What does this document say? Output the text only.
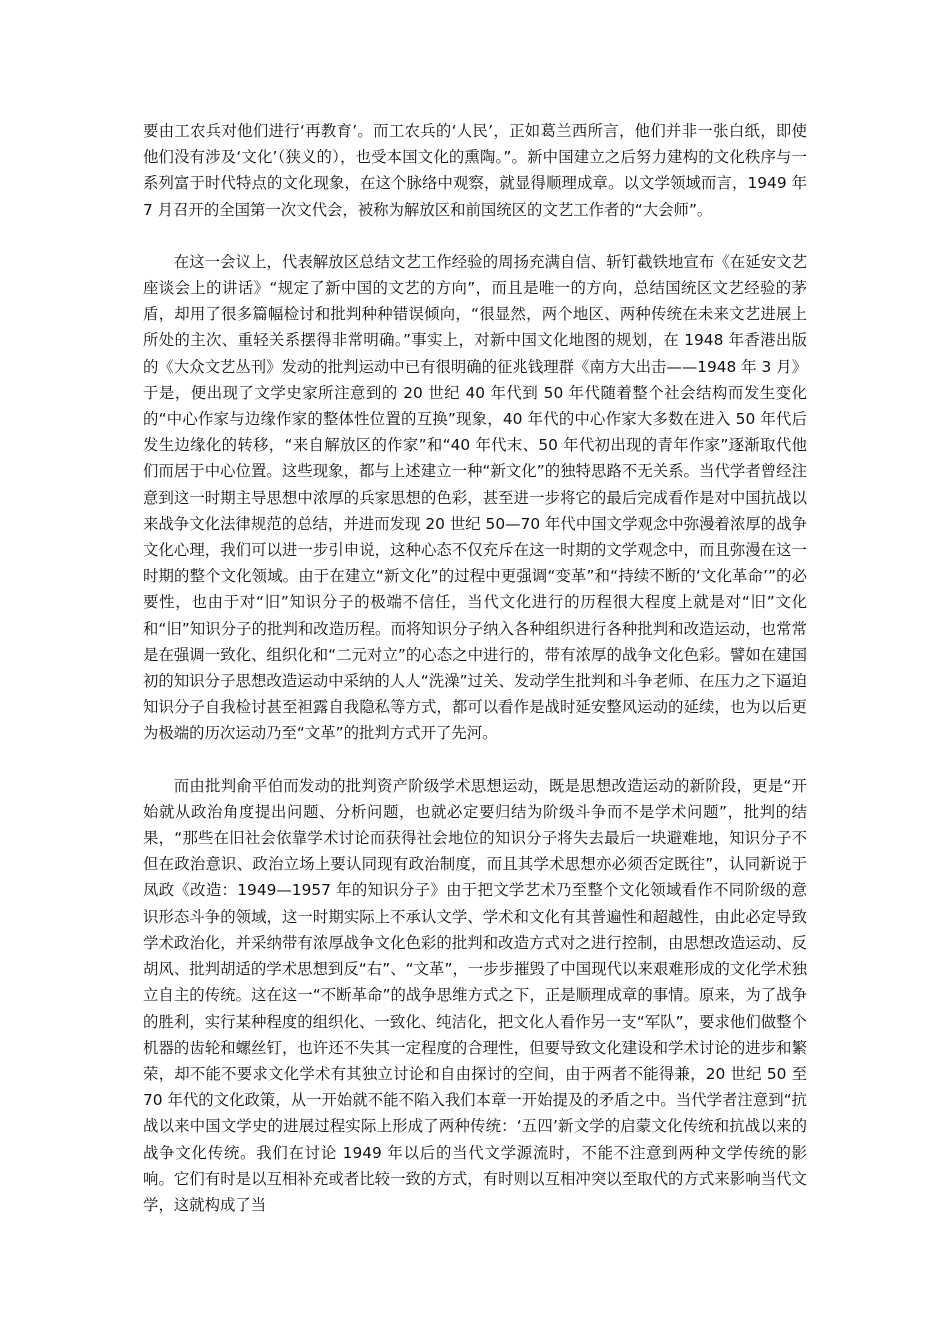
要由工农兵对他们进行‘再教育’。而工农兵的‘人民’，正如葛兰西所言，他们并非一张白纸，即使他们没有涉及‘文化’（狭义的），也受本国文化的熏陶。”。新中国建立之后努力建构的文化秩序与一系列富于时代特点的文化现象，在这个脉络中观察，就显得顺理成章。以文学领域而言，1949 年 7 月召开的全国第一次文代会，被称为解放区和前国统区的文艺工作者的“大会师”。

在这一会议上，代表解放区总结文艺工作经验的周扬充满自信、斩钉截铁地宣布《在延安文艺座谈会上的讲话》“规定了新中国的文艺的方向”，而且是唯一的方向，总结国统区文艺经验的茅盾，却用了很多篇幅检讨和批判种种错误倾向，“很显然，两个地区、两种传统在未来文艺进展上所处的主次、重轻关系摆得非常明确。”事实上，对新中国文化地图的规划，在 1948 年香港出版的《大众文艺丛刊》发动的批判运动中已有很明确的征兆钱理群《南方大出击——1948 年 3 月》于是，便出现了文学史家所注意到的 20 世纪 40 年代到 50 年代随着整个社会结构而发生变化的“中心作家与边缘作家的整体性位置的互换”现象，40 年代的中心作家大多数在进入 50 年代后发生边缘化的转移，“来自解放区的作家”和“40 年代末、50 年代初出现的青年作家”逐渐取代他们而居于中心位置。这些现象，都与上述建立一种“新文化”的独特思路不无关系。当代学者曾经注意到这一时期主导思想中浓厚的兵家思想的色彩，甚至进一步将它的最后完成看作是对中国抗战以来战争文化法律规范的总结，并进而发现 20 世纪 50—70 年代中国文学观念中弥漫着浓厚的战争文化心理，我们可以进一步引申说，这种心态不仅充斥在这一时期的文学观念中，而且弥漫在这一时期的整个文化领域。由于在建立“新文化”的过程中更强调“变革”和“持续不断的‘文化革命’”的必要性，也由于对“旧”知识分子的极端不信任，当代文化进行的历程很大程度上就是对“旧”文化和“旧”知识分子的批判和改造历程。而将知识分子纳入各种组织进行各种批判和改造运动，也常常是在强调一致化、组织化和“二元对立”的心态之中进行的，带有浓厚的战争文化色彩。譬如在建国初的知识分子思想改造运动中采纳的人人“洗澡”过关、发动学生批判和斗争老师、在压力之下逼迫知识分子自我检讨甚至袒露自我隐私等方式，都可以看作是战时延安整风运动的延续，也为以后更为极端的历次运动乃至“文革”的批判方式开了先河。

而由批判俞平伯而发动的批判资产阶级学术思想运动，既是思想改造运动的新阶段，更是“开始就从政治角度提出问题、分析问题，也就必定要归结为阶级斗争而不是学术问题”，批判的结果，“那些在旧社会依靠学术讨论而获得社会地位的知识分子将失去最后一块避难地，知识分子不但在政治意识、政治立场上要认同现有政治制度，而且其学术思想亦必须否定既往”，认同新说于凤政《改造：1949—1957 年的知识分子》由于把文学艺术乃至整个文化领域看作不同阶级的意识形态斗争的领域，这一时期实际上不承认文学、学术和文化有其普遍性和超越性，由此必定导致学术政治化，并采纳带有浓厚战争文化色彩的批判和改造方式对之进行控制，由思想改造运动、反胡风、批判胡适的学术思想到反“右”、“文革”，一步步摧毁了中国现代以来艰难形成的文化学术独立自主的传统。这在这一“不断革命”的战争思维方式之下，正是顺理成章的事情。原来，为了战争的胜利，实行某种程度的组织化、一致化、纯洁化，把文化人看作另一支“军队”，要求他们做整个机器的齿轮和螺丝钉，也许还不失其一定程度的合理性，但要导致文化建设和学术讨论的进步和繁荣，却不能不要求文化学术有其独立讨论和自由探讨的空间，由于两者不能得兼，20 世纪 50 至 70 年代的文化政策，从一开始就不能不陷入我们本章一开始提及的矛盾之中。当代学者注意到“抗战以来中国文学史的进展过程实际上形成了两种传统：‘五四’新文学的启蒙文化传统和抗战以来的战争文化传统。我们在讨论 1949 年以后的当代文学源流时，不能不注意到两种文学传统的影响。它们有时是以互相补充或者比较一致的方式，有时则以互相冲突以至取代的方式来影响当代文学，这就构成了当
